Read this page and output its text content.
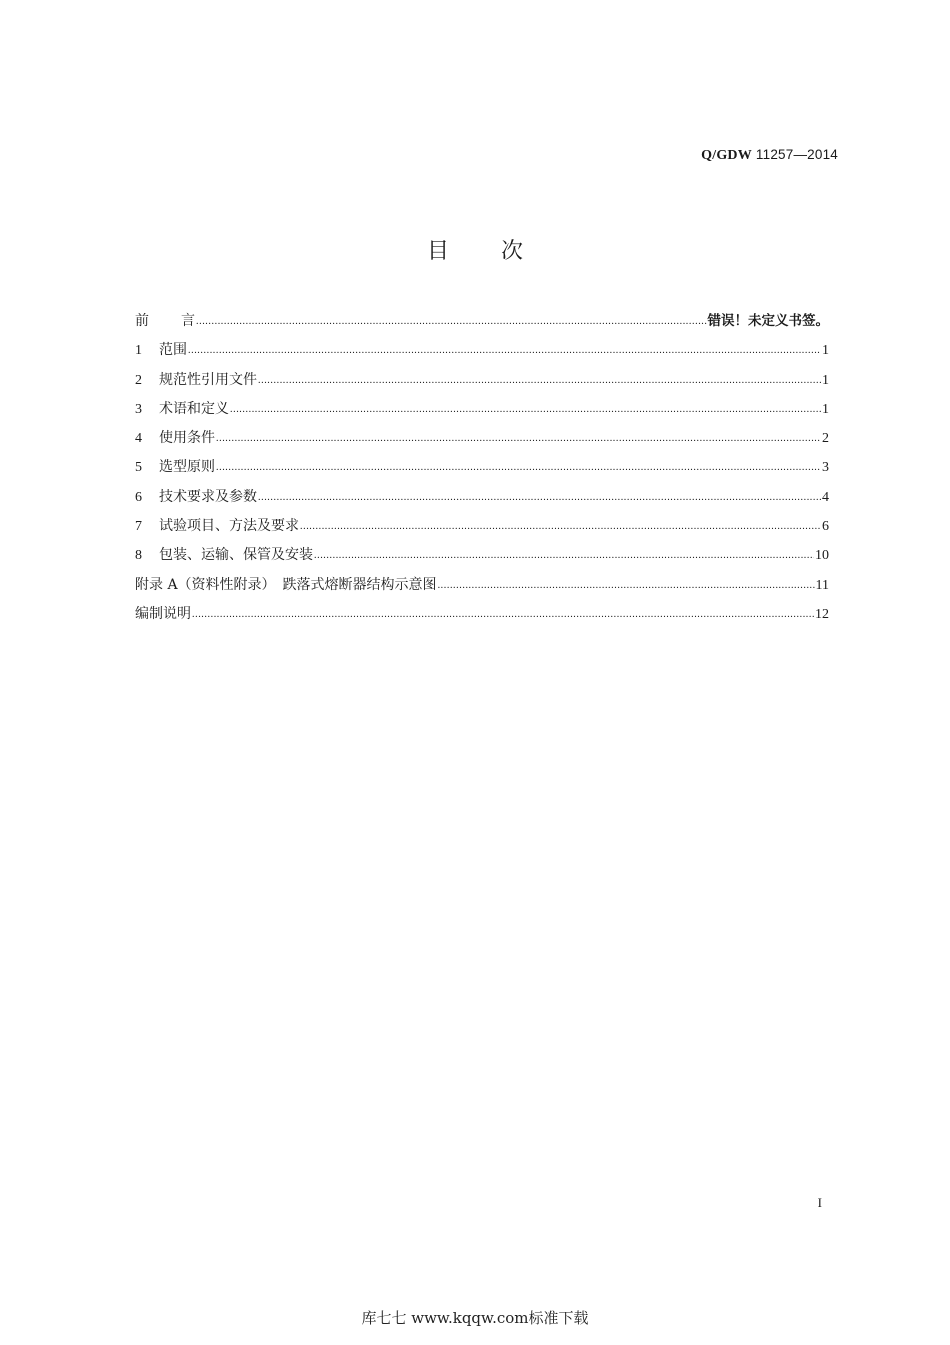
Q/GDW 11257—2014
目 次
前 言 .....	错误！未定义书签。
1 范围 .....	1
2 规范性引用文件 .....	1
3 术语和定义 .....	1
4 使用条件 .....	2
5 选型原则 .....	3
6 技术要求及参数 .....	4
7 试验项目、方法及要求 .....	6
8 包装、运输、保管及安装 .....	10
附录 A（资料性附录）　跌落式熔断器结构示意图 .....	11
编制说明 .....	12
I
库七七 www.kqqw.com标准下载
